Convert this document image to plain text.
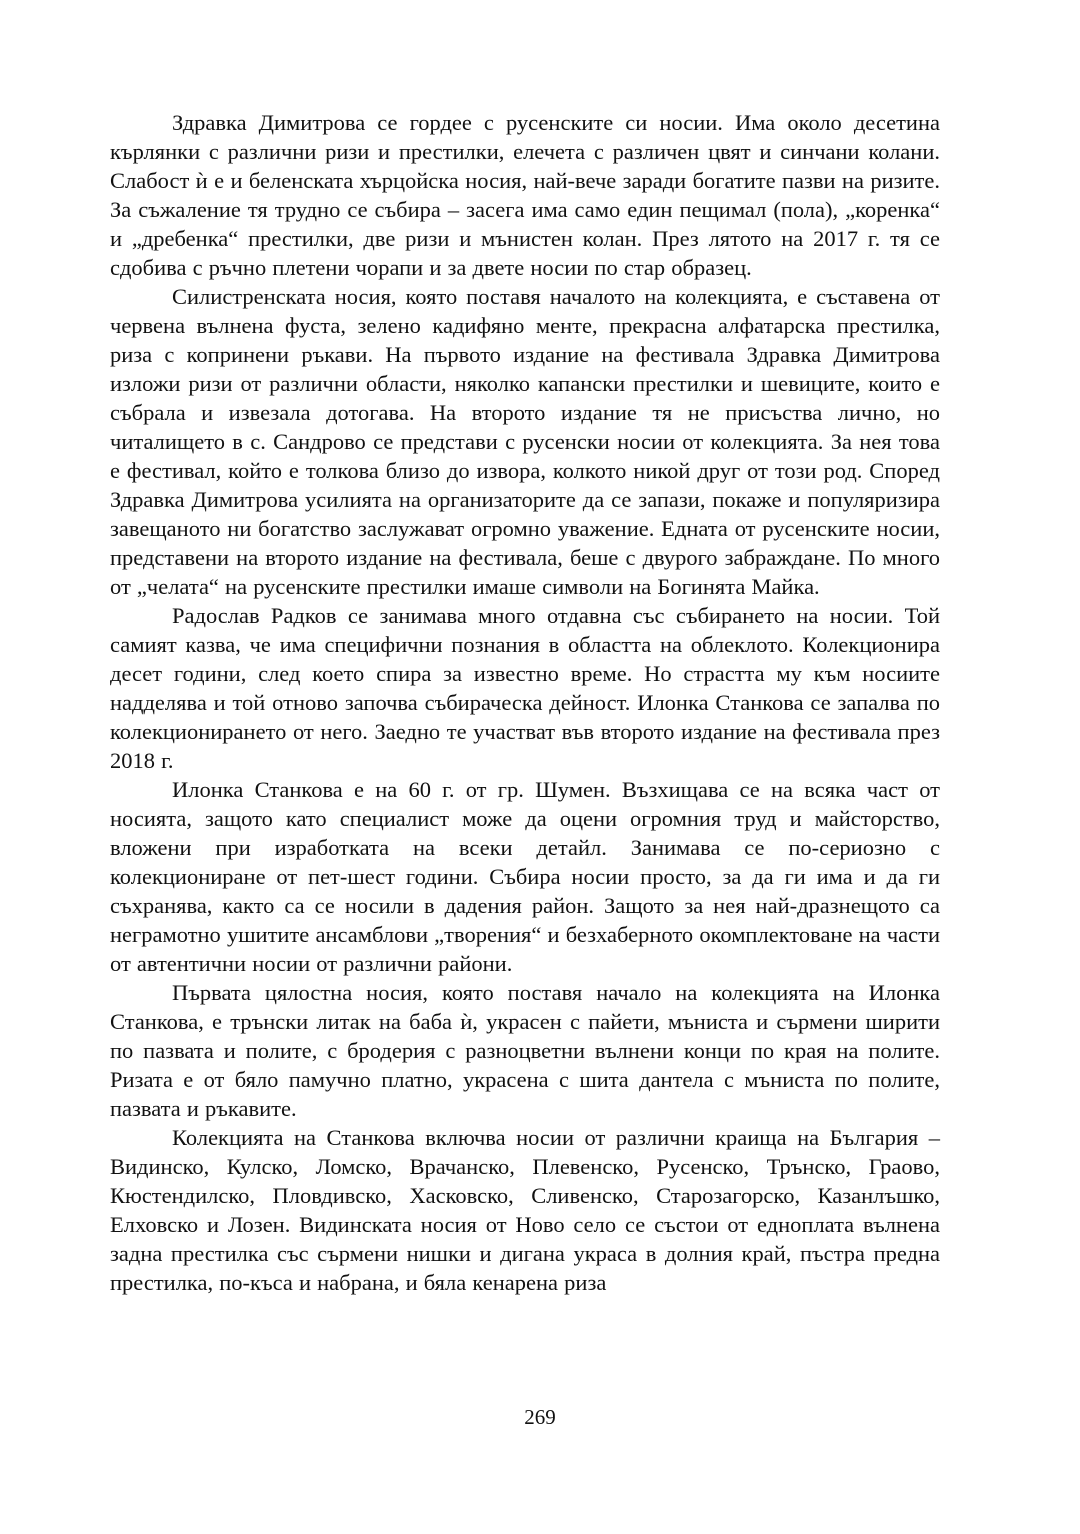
Здравка Димитрова се гордее с русенските си носии. Има около десетина кърлянки с различни ризи и престилки, елечета с различен цвят и синчани колани. Слабост ѝ е и беленската хърцойска носия, най-вече заради богатите пазви на ризите. За съжаление тя трудно се събира – засега има само един пещимал (пола), „коренка“ и „дребенка“ престилки, две ризи и мънистен колан. През лятото на 2017 г. тя се сдобива с ръчно плетени чорапи и за двете носии по стар образец.

Силистренската носия, която поставя началото на колекцията, е съставена от червена вълнена фуста, зелено кадифяно менте, прекрасна алфатарска престилка, риза с копринени ръкави. На първото издание на фестивала Здравка Димитрова изложи ризи от различни области, няколко капански престилки и шевиците, които е събрала и извезала дотогава. На второто издание тя не присъства лично, но читалището в с. Сандрово се представи с русенски носии от колекцията. За нея това е фестивал, който е толкова близо до извора, колкото никой друг от този род. Според Здравка Димитрова усилията на организаторите да се запази, покаже и популяризира завещаното ни богатство заслужават огромно уважение. Едната от русенските носии, представени на второто издание на фестивала, беше с двурого забраждане. По много от „челата“ на русенските престилки имаше символи на Богинята Майка.

Радослав Радков се занимава много отдавна със събирането на носии. Той самият казва, че има специфични познания в областта на облеклото. Колекционира десет години, след което спира за известно време. Но страстта му към носиите надделява и той отново започва събираческа дейност. Илонка Станкова се запалва по колекционирането от него. Заедно те участват във второто издание на фестивала през 2018 г.

Илонка Станкова е на 60 г. от гр. Шумен. Възхищава се на всяка част от носията, защото като специалист може да оцени огромния труд и майсторство, вложени при изработката на всеки детайл. Занимава се по-сериозно с колекциониране от пет-шест години. Събира носии просто, за да ги има и да ги съхранява, както са се носили в дадения район. Защото за нея най-дразнещото са неграмотно ушитите ансамблови „творения“ и безхаберното окомплектоване на части от автентични носии от различни райони.

Първата цялостна носия, която поставя начало на колекцията на Илонка Станкова, е трънски литак на баба ѝ, украсен с пайети, мъниста и сърмени ширити по пазвата и полите, с бродерия с разноцветни вълнени конци по края на полите. Ризата е от бяло памучно платно, украсена с шита дантела с мъниста по полите, пазвата и ръкавите.

Колекцията на Станкова включва носии от различни краища на България – Видинско, Кулско, Ломско, Врачанско, Плевенско, Русенско, Трънско, Граово, Кюстендилско, Пловдивско, Хасковско, Сливенско, Старозагорско, Казанлъшко, Елховско и Лозен. Видинската носия от Ново село се състои от едноплата вълнена задна престилка със сърмени нишки и дигана украса в долния край, пъстра предна престилка, по-къса и набрана, и бяла кенарена риза

269
